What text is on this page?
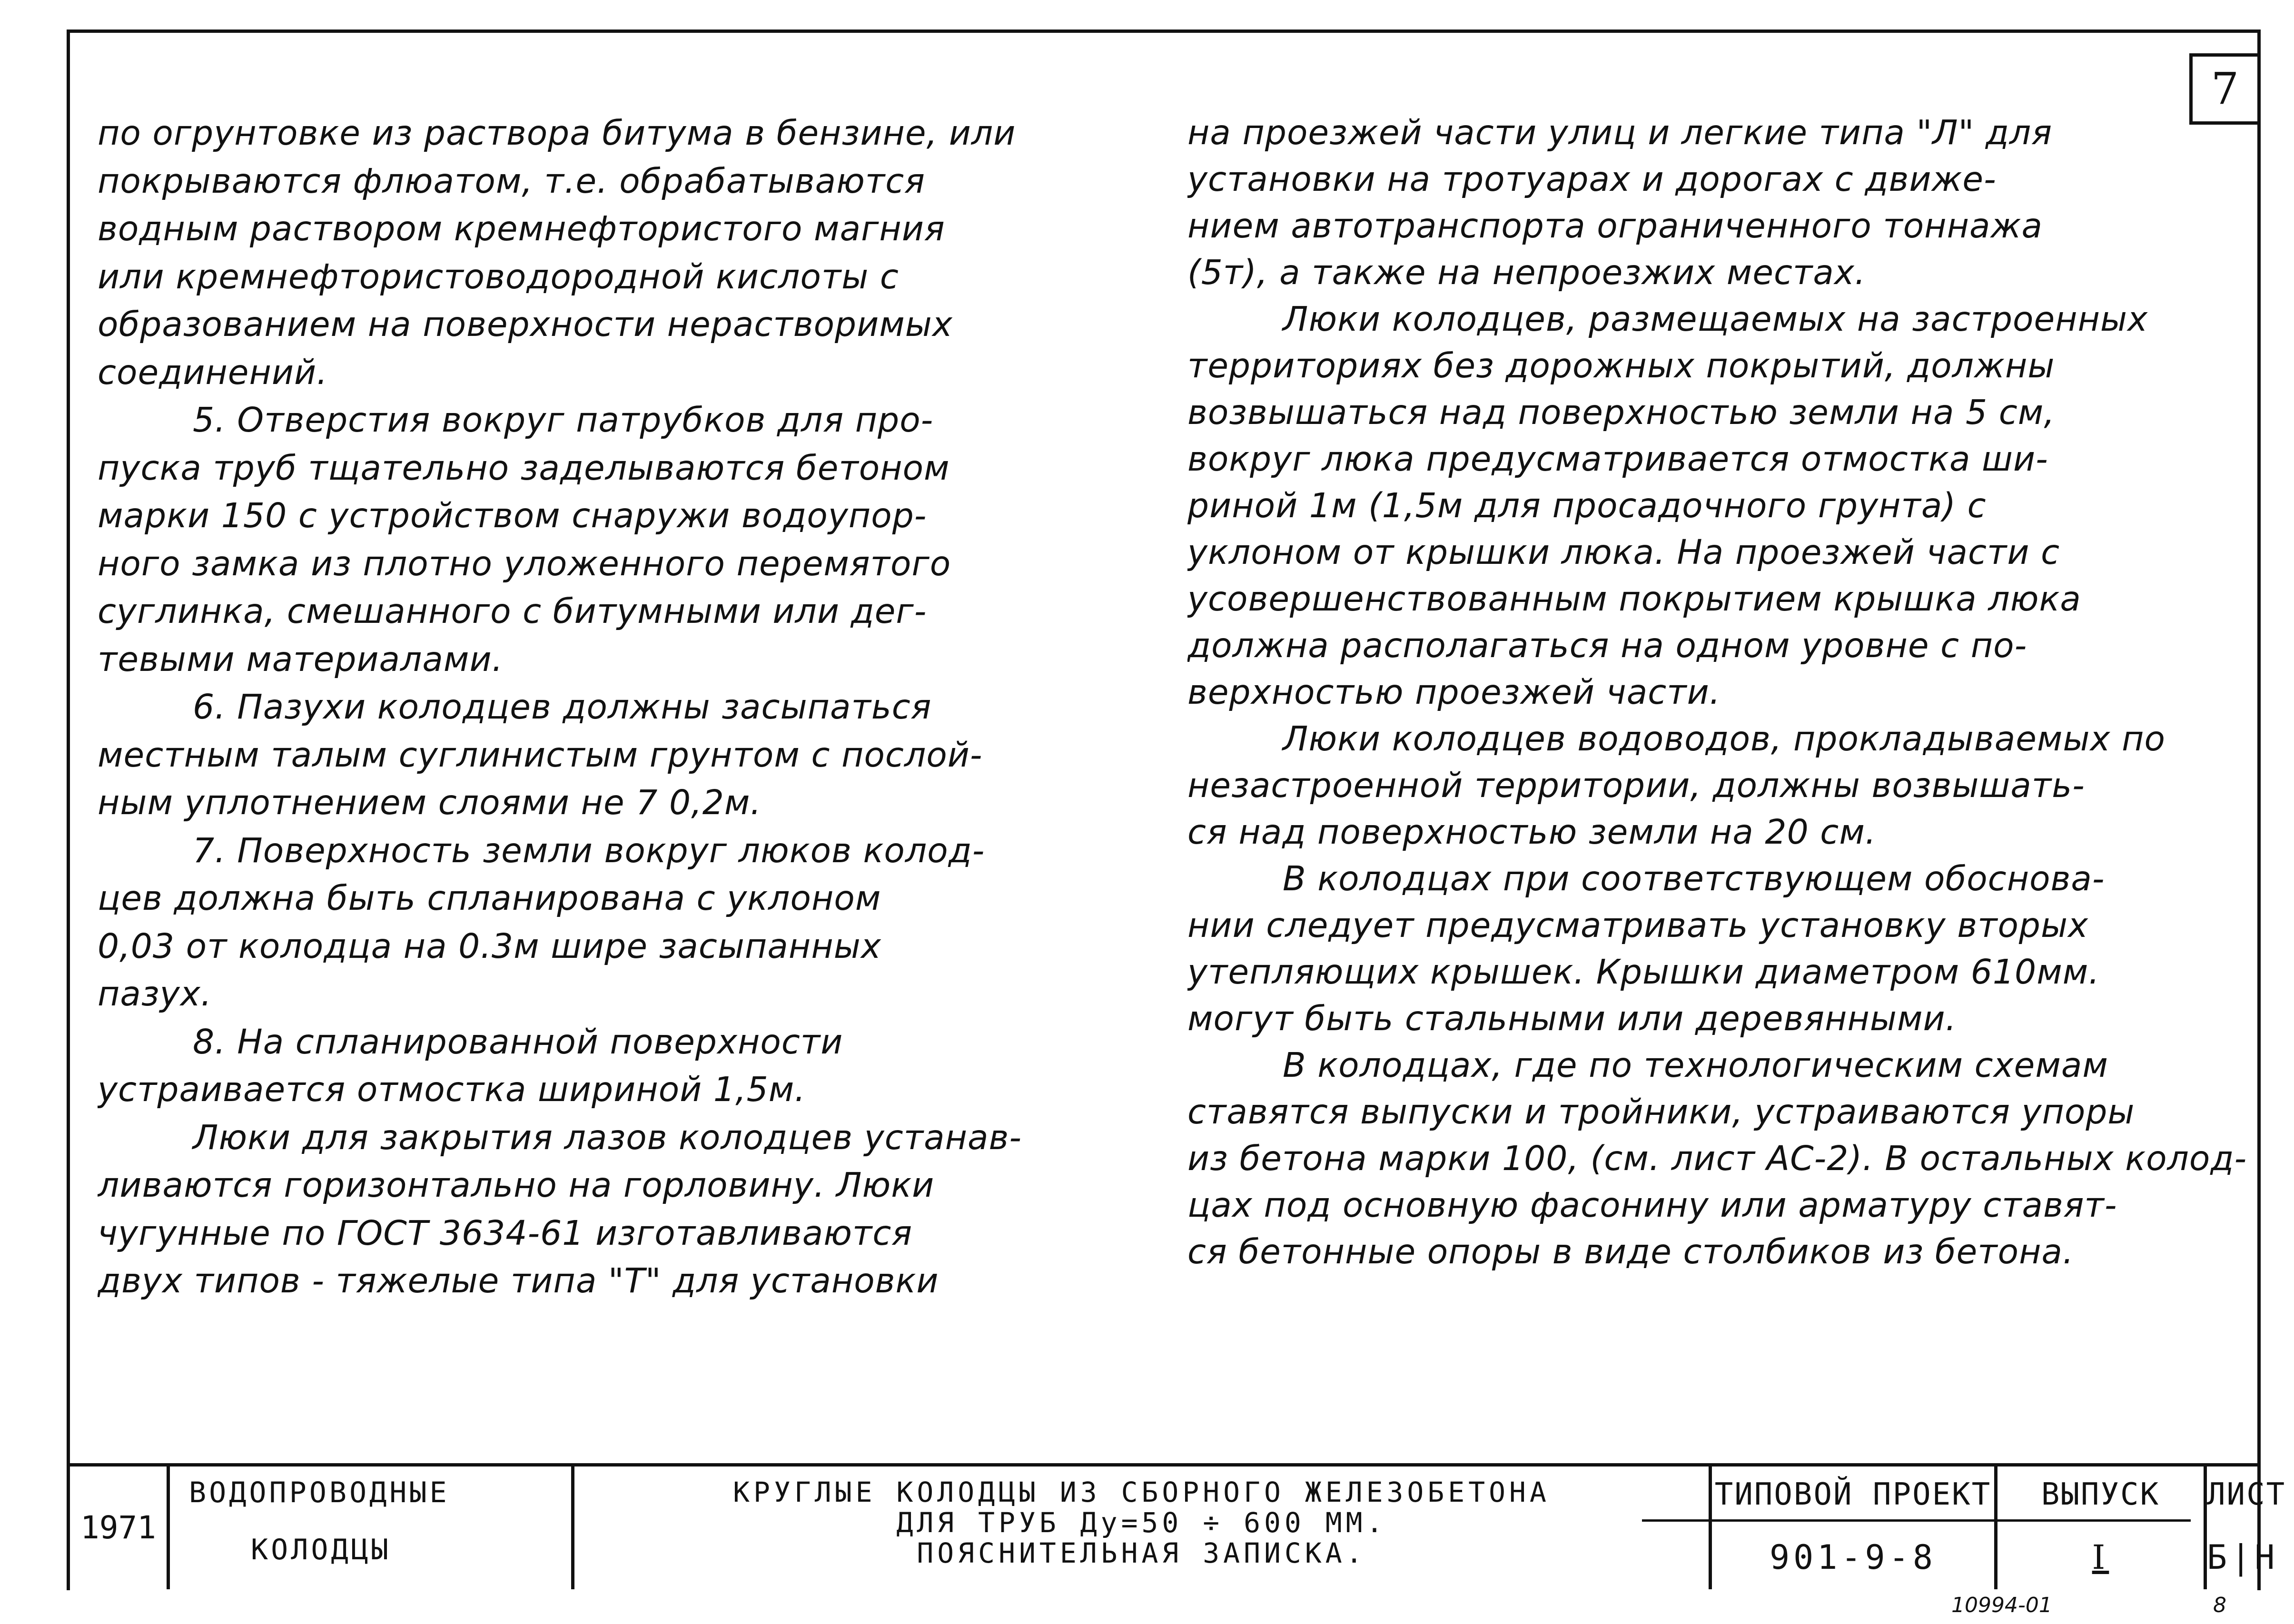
7
по огрунтовке из раствора битума в бензине, или
покрываются флюатом, т.е. обрабатываются
водным раствором кремнефтористого магния
или кремнефтористоводородной кислоты с
образованием на поверхности нерастворимых
соединений.
5. Отверстия вокруг патрубков для про-
пуска труб тщательно заделываются бетоном
марки 150 с устройством снаружи водоупор-
ного замка из плотно уложенного перемятого
суглинка, смешанного с битумными или дег-
тевыми материалами.
6. Пазухи колодцев должны засыпаться
местным талым суглинистым грунтом с послой-
ным уплотнением слоями не 7 0,2м.
7. Поверхность земли вокруг люков колод-
цев должна быть спланирована с уклоном
0,03 от колодца на 0.3м шире засыпанных
пазух.
8. На спланированной поверхности
устраивается отмостка шириной 1,5м.
Люки для закрытия лазов колодцев устанав-
ливаются горизонтально на горловину. Люки
чугунные по ГОСТ 3634-61 изготавливаются
двух типов - тяжелые типа "Т" для установки
на проезжей части улиц и легкие типа "Л" для
установки на тротуарах и дорогах с движе-
нием автотранспорта ограниченного тоннажа
(5т), а также на непроезжих местах.
Люки колодцев, размещаемых на застроенных
территориях без дорожных покрытий, должны
возвышаться над поверхностью земли на 5 см,
вокруг люка предусматривается отмостка ши-
риной 1м (1,5м для просадочного грунта) с
уклоном от крышки люка. На проезжей части с
усовершенствованным покрытием крышка люка
должна располагаться на одном уровне с по-
верхностью проезжей части.
Люки колодцев водоводов, прокладываемых по
незастроенной территории, должны возвышать-
ся над поверхностью земли на 20 см.
В колодцах при соответствующем обоснова-
нии следует предусматривать установку вторых
утепляющих крышек. Крышки диаметром 610мм.
могут быть стальными или деревянными.
В колодцах, где по технологическим схемам
ставятся выпуски и тройники, устраиваются упоры
из бетона марки 100, (см. лист АС-2). В остальных колод-
цах под основную фасонину или арматуру ставят-
ся бетонные опоры в виде столбиков из бетона.
1971
ВОДОПРОВОДНЫЕ
КОЛОДЦЫ
КРУГЛЫЕ КОЛОДЦЫ ИЗ СБОРНОГО ЖЕЛЕЗОБЕТОНА
ДЛЯ ТРУБ Ду=50 ÷ 600 ММ.
ПОЯСНИТЕЛЬНАЯ ЗАПИСКА.
ТИПОВОЙ ПРОЕКТ
901-9-8
ВЫПУСК
I
ЛИСТ
Б|Н
10994-01	8
